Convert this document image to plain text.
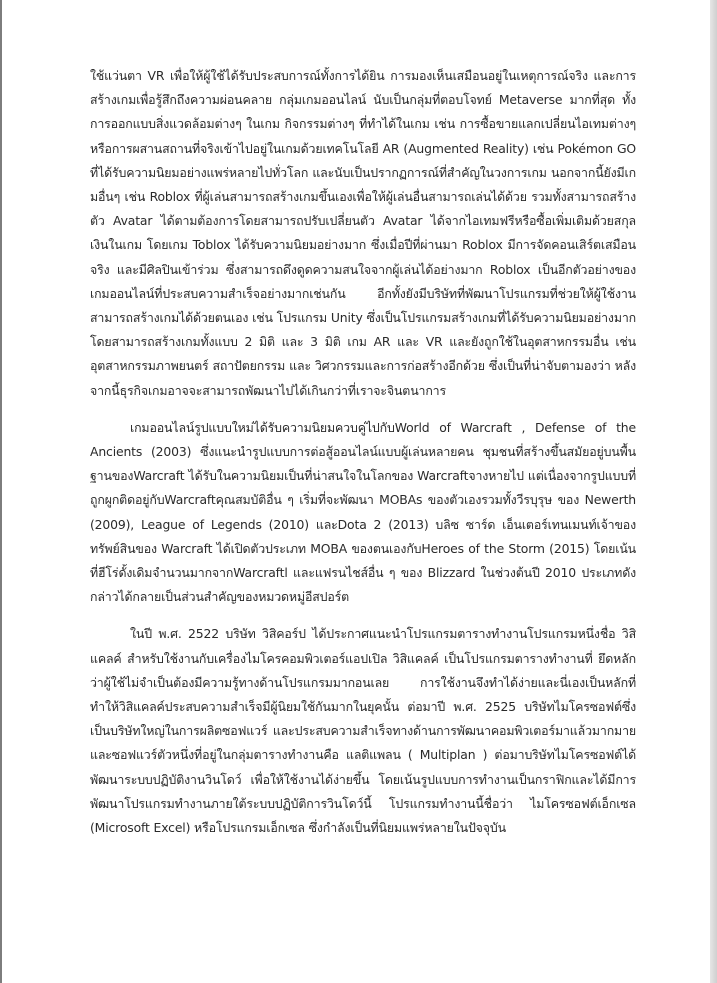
ใช้แว่นตา VR เพื่อให้ผู้ใช้ได้รับประสบการณ์ทั้งการได้ยิน การมองเห็นเสมือนอยู่ในเหตุการณ์จริง และการสร้างเกมเพื่อรู้สึกถึงความผ่อนคลาย กลุ่มเกมออนไลน์ นับเป็นกลุ่มที่ตอบโจทย์ Metaverse มากที่สุด ทั้งการออกแบบสิ่งแวดล้อมต่างๆ ในเกม กิจกรรมต่างๆ ที่ทำได้ในเกม เช่น การซื้อขายแลกเปลี่ยนไอเทมต่างๆ หรือการผสานสถานที่จริงเข้าไปอยู่ในเกมด้วยเทคโนโลยี AR (Augmented Reality) เช่น Pokémon GO ที่ได้รับความนิยมอย่างแพร่หลายไปทั่วโลก และนับเป็นปรากฏการณ์ที่สำคัญในวงการเกม นอกจากนี้ยังมีเกมอื่นๆ เช่น Roblox ที่ผู้เล่นสามารถสร้างเกมขึ้นเองเพื่อให้ผู้เล่นอื่นสามารถเล่นได้ด้วย รวมทั้งสามารถสร้างตัว Avatar ได้ตามต้องการโดยสามารถปรับเปลี่ยนตัว Avatar ได้จากไอเทมฟรีหรือซื้อเพิ่มเติมด้วยสกุลเงินในเกม โดยเกม Toblox ได้รับความนิยมอย่างมาก ซึ่งเมื่อปีที่ผ่านมา Roblox มีการจัดคอนเสิร์ตเสมือนจริง และมีศิลปินเข้าร่วม ซึ่งสามารถดึงดูดความสนใจจากผู้เล่นได้อย่างมาก Roblox เป็นอีกตัวอย่างของเกมออนไลน์ที่ประสบความสำเร็จอย่างมากเช่นกัน อีกทั้งยังมีบริษัทที่พัฒนาโปรแกรมที่ช่วยให้ผู้ใช้งานสามารถสร้างเกมได้ด้วยตนเอง เช่น โปรแกรม Unity ซึ่งเป็นโปรแกรมสร้างเกมที่ได้รับความนิยมอย่างมาก โดยสามารถสร้างเกมทั้งแบบ 2 มิติ และ 3 มิติ เกม AR และ VR และยังถูกใช้ในอุตสาหกรรมอื่น เช่น อุตสาหกรรมภาพยนตร์ สถาปัตยกรรม และ วิศวกรรมและการก่อสร้างอีกด้วย ซึ่งเป็นที่น่าจับตามองว่า หลังจากนี้ธุรกิจเกมอาจจะสามารถพัฒนาไปได้เกินกว่าที่เราจะจินตนาการ

เกมออนไลน์รูปแบบใหม่ได้รับความนิยมควบคู่ไปกับWorld of Warcraft , Defense of the Ancients (2003) ซึ่งแนะนำรูปแบบการต่อสู้ออนไลน์แบบผู้เล่นหลายคน ชุมชนที่สร้างขึ้นสมัยอยู่บนพื้นฐานของWarcraft ได้รับในความนิยมเป็นที่น่าสนใจในโลกของ Warcraftจางหายไป แต่เนื่องจากรูปแบบที่ถูกผูกติดอยู่กับWarcraftคุณสมบัติอื่น ๆ เริ่มที่จะพัฒนา MOBAs ของตัวเองรวมทั้งวีรบุรุษ ของ Newerth (2009), League of Legends (2010) และDota 2 (2013) บลิซ ซาร์ด เอ็นเตอร์เทนเมนท์เจ้าของทรัพย์สินของ Warcraft ได้เปิดตัวประเภท MOBA ของตนเองกับHeroes of the Storm (2015) โดยเน้นที่ฮีโร่ดั้งเดิมจำนวนมากจากWarcraftl และแฟรนไชส์อื่น ๆ ของ Blizzard ในช่วงต้นปี 2010 ประเภทดังกล่าวได้กลายเป็นส่วนสำคัญของหมวดหมู่อีสปอร์ต

ในปี พ.ศ. 2522 บริษัท วิสิคอร์ป ได้ประกาศแนะนำโปรแกรมตารางทำงานโปรแกรมหนึ่งชื่อ วิสิแคลค์ สำหรับใช้งานกับเครื่องไมโครคอมพิวเตอร์แอปเปิล วิสิแคลค์ เป็นโปรแกรมตารางทำงานที่ ยึดหลักว่าผู้ใช้ไม่จำเป็นต้องมีความรู้ทางด้านโปรแกรมมากอนเลย การใช้งานจึงทำได้ง่ายและนี่เองเป็นหลักที่ทำให้วิสิแคลค์ประสบความสำเร็จมีผู้นิยมใช้กันมากในยุคนั้น ต่อมาปี พ.ศ. 2525 บริษัทไมโครซอฟต์ซึ่งเป็นบริษัทใหญ่ในการผลิตซอฟแวร์ และประสบความสำเร็จทางด้านการพัฒนาคอมพิวเตอร์มาแล้วมากมาย และซอฟแวร์ตัวหนึ่งที่อยู่ในกลุ่มตารางทำงานคือ แลติแพลน ( Multiplan ) ต่อมาบริษัทไมโครซอฟต์ได้พัฒนาระบบปฏิบัติงานวินโดว์ เพื่อให้ใช้งานได้ง่ายขึ้น โดยเน้นรูปแบบการทำงานเป็นกราฟิกและได้มีการพัฒนาโปรแกรมทำงานภายใต้ระบบปฏิบัติการวินโดว์นี้ โปรแกรมทำงานนี้ชื่อว่า ไมโครซอฟต์เอ็กเซล (Microsoft Excel) หรือโปรแกรมเอ็กเซล ซึ่งกำลังเป็นที่นิยมแพร่หลายในปัจจุบัน
